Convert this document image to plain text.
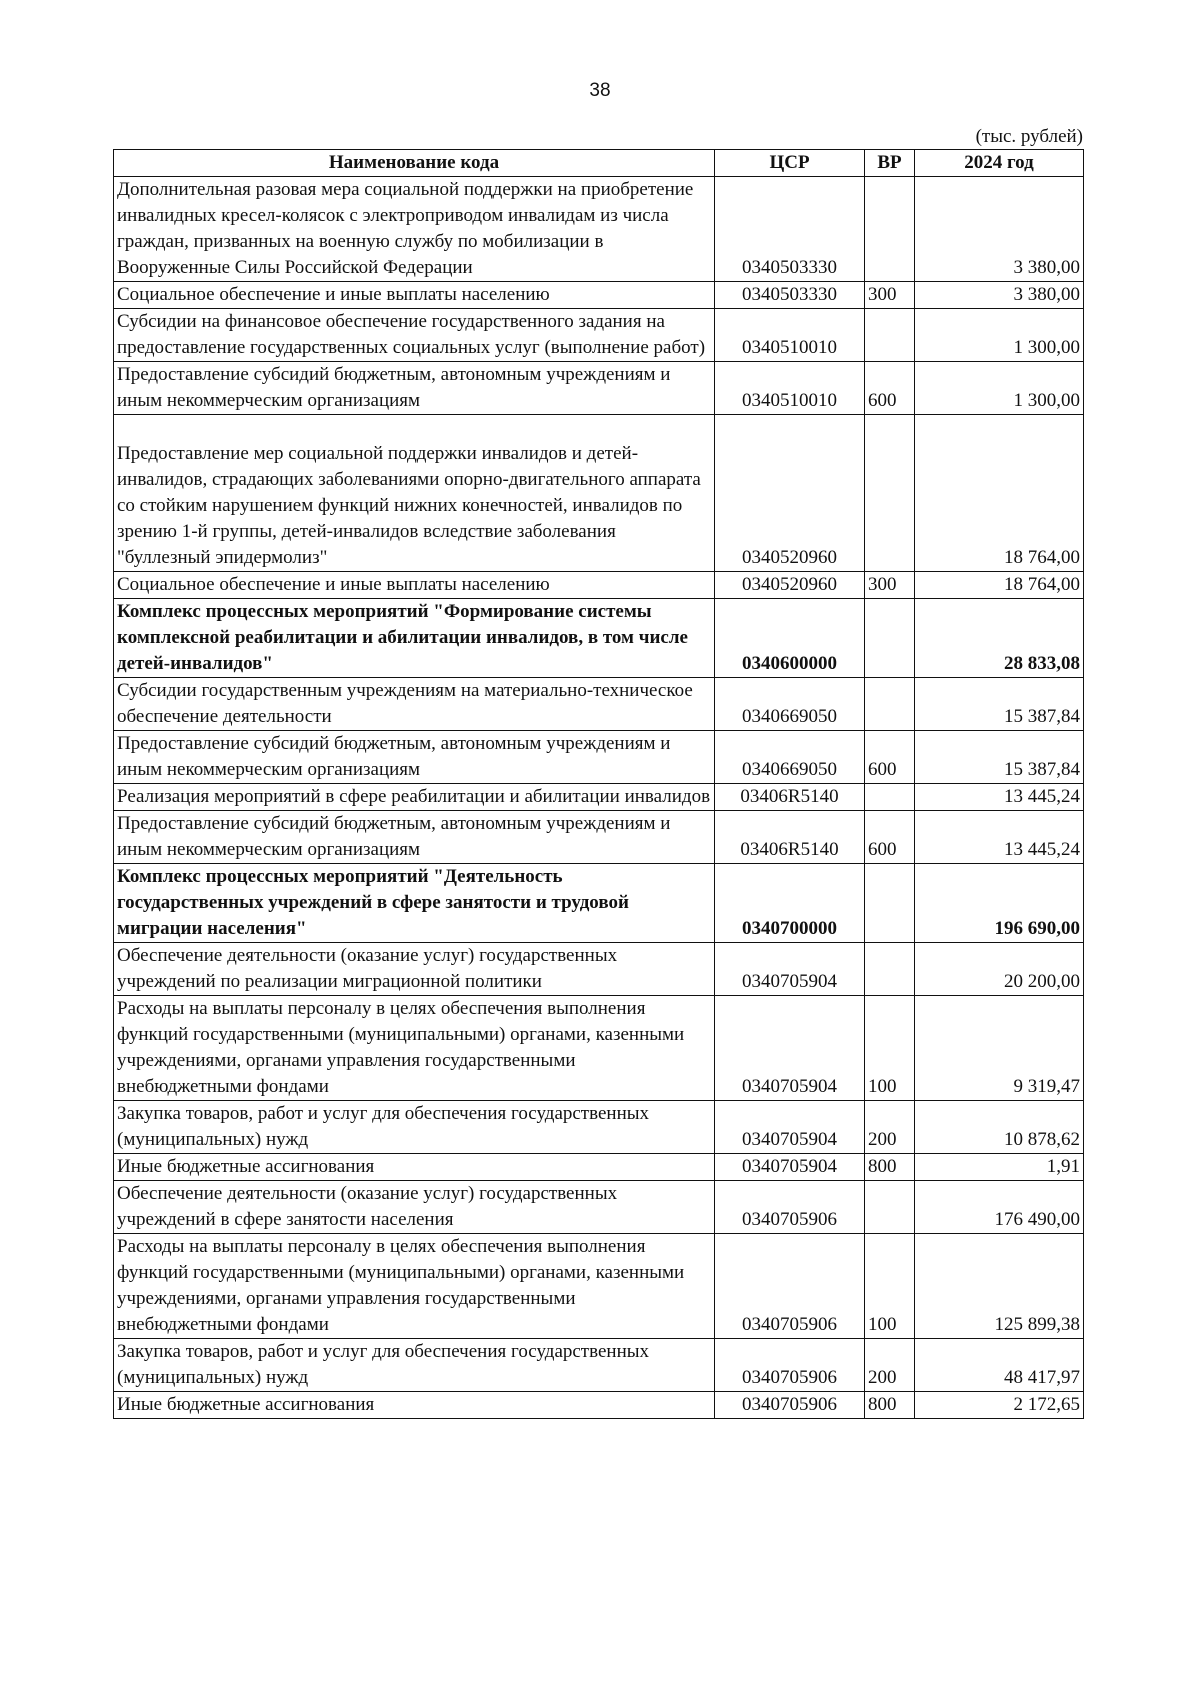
38
(тыс. рублей)
Наименование кода	ЦСР	ВР	2024 год
Дополнительная разовая мера социальной поддержки на приобретение инвалидных кресел-колясок с электроприводом инвалидам из числа граждан, призванных на военную службу по мобилизации в Вооруженные Силы Российской Федерации	0340503330		3 380,00
Социальное обеспечение и иные выплаты населению	0340503330	300	3 380,00
Субсидии на финансовое обеспечение государственного задания на предоставление государственных социальных услуг (выполнение работ)	0340510010		1 300,00
Предоставление субсидий бюджетным, автономным учреждениям и иным некоммерческим организациям	0340510010	600	1 300,00
Предоставление мер социальной поддержки инвалидов и детей-инвалидов, страдающих заболеваниями опорно-двигательного аппарата со стойким нарушением функций нижних конечностей, инвалидов по зрению 1-й группы, детей-инвалидов вследствие заболевания "буллезный эпидермолиз"	0340520960		18 764,00
Социальное обеспечение и иные выплаты населению	0340520960	300	18 764,00
Комплекс процессных мероприятий "Формирование системы комплексной реабилитации и абилитации инвалидов, в том числе детей-инвалидов"	0340600000		28 833,08
Субсидии государственным учреждениям на материально-техническое обеспечение деятельности	0340669050		15 387,84
Предоставление субсидий бюджетным, автономным учреждениям и иным некоммерческим организациям	0340669050	600	15 387,84
Реализация мероприятий в сфере реабилитации и абилитации инвалидов	03406R5140		13 445,24
Предоставление субсидий бюджетным, автономным учреждениям и иным некоммерческим организациям	03406R5140	600	13 445,24
Комплекс процессных мероприятий "Деятельность государственных учреждений в сфере занятости и трудовой миграции населения"	0340700000		196 690,00
Обеспечение деятельности (оказание услуг) государственных учреждений по реализации миграционной политики	0340705904		20 200,00
Расходы на выплаты персоналу в целях обеспечения выполнения функций государственными (муниципальными) органами, казенными учреждениями, органами управления государственными внебюджетными фондами	0340705904	100	9 319,47
Закупка товаров, работ и услуг для обеспечения государственных (муниципальных) нужд	0340705904	200	10 878,62
Иные бюджетные ассигнования	0340705904	800	1,91
Обеспечение деятельности (оказание услуг) государственных учреждений в сфере занятости населения	0340705906		176 490,00
Расходы на выплаты персоналу в целях обеспечения выполнения функций государственными (муниципальными) органами, казенными учреждениями, органами управления государственными внебюджетными фондами	0340705906	100	125 899,38
Закупка товаров, работ и услуг для обеспечения государственных (муниципальных) нужд	0340705906	200	48 417,97
Иные бюджетные ассигнования	0340705906	800	2 172,65
